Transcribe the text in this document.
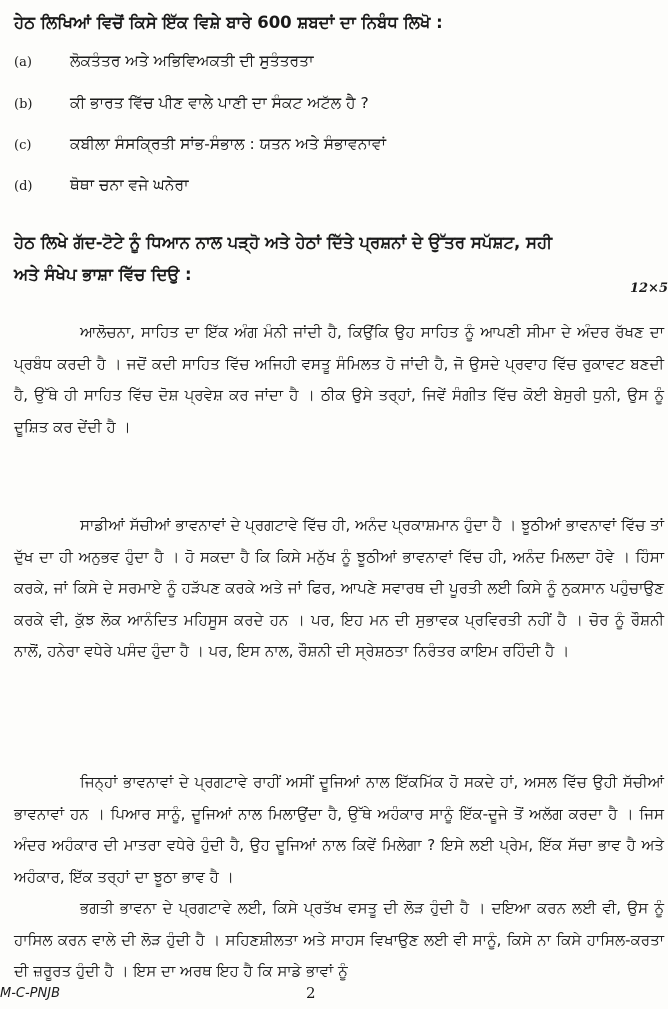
ਹੇਠ ਲਿਖਿਆਂ ਵਿਚੋਂ ਕਿਸੇ ਇੱਕ ਵਿਸ਼ੇ ਬਾਰੇ 600 ਸ਼ਬਦਾਂ ਦਾ ਨਿਬੰਧ ਲਿਖੋ :
(a) ਲੋਕਤੰਤਰ ਅਤੇ ਅਭਿਵਿਅਕਤੀ ਦੀ ਸੁਤੰਤਰਤਾ
(b) ਕੀ ਭਾਰਤ ਵਿੱਚ ਪੀਣ ਵਾਲੇ ਪਾਣੀ ਦਾ ਸੰਕਟ ਅਟੱਲ ਹੈ ?
(c) ਕਬੀਲਾ ਸੰਸਕ੍ਰਿਤੀ ਸਾਂਭ-ਸੰਭਾਲ : ਯਤਨ ਅਤੇ ਸੰਭਾਵਨਾਵਾਂ
(d) ਥੋਥਾ ਚਨਾ ਵਜੇ ਘਨੇਰਾ
ਹੇਠ ਲਿਖੇ ਗੱਦ-ਟੋਟੇ ਨੂੰ ਧਿਆਨ ਨਾਲ ਪੜ੍ਹੋ ਅਤੇ ਹੇਠਾਂ ਦਿੱਤੇ ਪ੍ਰਸ਼ਨਾਂ ਦੇ ਉੱਤਰ ਸਪੱਸ਼ਟ, ਸਹੀ
ਅਤੇ ਸੰਖੇਪ ਭਾਸ਼ਾ ਵਿੱਚ ਦਿਉ :
12×5

ਆਲੋਚਨਾ, ਸਾਹਿਤ ਦਾ ਇੱਕ ਅੰਗ ਮੰਨੀ ਜਾਂਦੀ ਹੈ, ਕਿਉਂਕਿ ਉਹ ਸਾਹਿਤ ਨੂੰ ਆਪਣੀ ਸੀਮਾ ਦੇ ਅੰਦਰ ਰੱਖਣ ਦਾ ਪ੍ਰਬੰਧ ਕਰਦੀ ਹੈ । ਜਦੋਂ ਕਦੀ ਸਾਹਿਤ ਵਿੱਚ ਅਜਿਹੀ ਵਸਤੂ ਸੰਮਿਲਤ ਹੋ ਜਾਂਦੀ ਹੈ, ਜੋ ਉਸਦੇ ਪ੍ਰਵਾਹ ਵਿੱਚ ਰੁਕਾਵਟ ਬਣਦੀ ਹੈ, ਉੱਥੇ ਹੀ ਸਾਹਿਤ ਵਿੱਚ ਦੋਸ਼ ਪ੍ਰਵੇਸ਼ ਕਰ ਜਾਂਦਾ ਹੈ । ਠੀਕ ਉਸੇ ਤਰ੍ਹਾਂ, ਜਿਵੇਂ ਸੰਗੀਤ ਵਿੱਚ ਕੋਈ ਬੇਸੁਰੀ ਧੁਨੀ, ਉਸ ਨੂੰ ਦੂਸ਼ਿਤ ਕਰ ਦੇਂਦੀ ਹੈ ।

ਸਾਡੀਆਂ ਸੱਚੀਆਂ ਭਾਵਨਾਵਾਂ ਦੇ ਪ੍ਰਗਟਾਵੇ ਵਿੱਚ ਹੀ, ਅਨੰਦ ਪ੍ਰਕਾਸ਼ਮਾਨ ਹੁੰਦਾ ਹੈ । ਝੂਠੀਆਂ ਭਾਵਨਾਵਾਂ ਵਿੱਚ ਤਾਂ ਦੁੱਖ ਦਾ ਹੀ ਅਨੁਭਵ ਹੁੰਦਾ ਹੈ । ਹੋ ਸਕਦਾ ਹੈ ਕਿ ਕਿਸੇ ਮਨੁੱਖ ਨੂੰ ਝੂਠੀਆਂ ਭਾਵਨਾਵਾਂ ਵਿੱਚ ਹੀ, ਅਨੰਦ ਮਿਲਦਾ ਹੋਵੇ । ਹਿੰਸਾ ਕਰਕੇ, ਜਾਂ ਕਿਸੇ ਦੇ ਸਰਮਾਏ ਨੂੰ ਹੜੱਪਣ ਕਰਕੇ ਅਤੇ ਜਾਂ ਫਿਰ, ਆਪਣੇ ਸਵਾਰਥ ਦੀ ਪੂਰਤੀ ਲਈ ਕਿਸੇ ਨੂੰ ਨੁਕਸਾਨ ਪਹੁੰਚਾਉਣ ਕਰਕੇ ਵੀ, ਕੁੱਝ ਲੋਕ ਆਨੰਦਿਤ ਮਹਿਸੂਸ ਕਰਦੇ ਹਨ । ਪਰ, ਇਹ ਮਨ ਦੀ ਸੁਭਾਵਕ ਪ੍ਰਵਿਰਤੀ ਨਹੀਂ ਹੈ । ਚੋਰ ਨੂੰ ਰੌਸ਼ਨੀ ਨਾਲੋਂ, ਹਨੇਰਾ ਵਧੇਰੇ ਪਸੰਦ ਹੁੰਦਾ ਹੈ । ਪਰ, ਇਸ ਨਾਲ, ਰੌਸ਼ਨੀ ਦੀ ਸ੍ਰੇਸ਼ਠਤਾ ਨਿਰੰਤਰ ਕਾਇਮ ਰਹਿੰਦੀ ਹੈ ।

ਜਿਨ੍ਹਾਂ ਭਾਵਨਾਵਾਂ ਦੇ ਪ੍ਰਗਟਾਵੇ ਰਾਹੀਂ ਅਸੀਂ ਦੂਜਿਆਂ ਨਾਲ ਇੱਕਮਿੱਕ ਹੋ ਸਕਦੇ ਹਾਂ, ਅਸਲ ਵਿੱਚ ਉਹੀ ਸੱਚੀਆਂ ਭਾਵਨਾਵਾਂ ਹਨ । ਪਿਆਰ ਸਾਨੂੰ, ਦੂਜਿਆਂ ਨਾਲ ਮਿਲਾਉਂਦਾ ਹੈ, ਉੱਥੇ ਅਹੰਕਾਰ ਸਾਨੂੰ ਇੱਕ-ਦੂਜੇ ਤੋਂ ਅਲੱਗ ਕਰਦਾ ਹੈ । ਜਿਸ ਅੰਦਰ ਅਹੰਕਾਰ ਦੀ ਮਾਤਰਾ ਵਧੇਰੇ ਹੁੰਦੀ ਹੈ, ਉਹ ਦੂਜਿਆਂ ਨਾਲ ਕਿਵੇਂ ਮਿਲੇਗਾ ? ਇਸੇ ਲਈ ਪ੍ਰੇਮ, ਇੱਕ ਸੱਚਾ ਭਾਵ ਹੈ ਅਤੇ ਅਹੰਕਾਰ, ਇੱਕ ਤਰ੍ਹਾਂ ਦਾ ਝੂਠਾ ਭਾਵ ਹੈ ।

ਭਗਤੀ ਭਾਵਨਾ ਦੇ ਪ੍ਰਗਟਾਵੇ ਲਈ, ਕਿਸੇ ਪ੍ਰਤੱਖ ਵਸਤੂ ਦੀ ਲੋੜ ਹੁੰਦੀ ਹੈ । ਦਇਆ ਕਰਨ ਲਈ ਵੀ, ਉਸ ਨੂੰ ਹਾਸਿਲ ਕਰਨ ਵਾਲੇ ਦੀ ਲੋੜ ਹੁੰਦੀ ਹੈ । ਸਹਿਣਸ਼ੀਲਤਾ ਅਤੇ ਸਾਹਸ ਵਿਖਾਉਣ ਲਈ ਵੀ ਸਾਨੂੰ, ਕਿਸੇ ਨਾ ਕਿਸੇ ਹਾਸਿਲ-ਕਰਤਾ ਦੀ ਜ਼ਰੂਰਤ ਹੁੰਦੀ ਹੈ । ਇਸ ਦਾ ਅਰਥ ਇਹ ਹੈ ਕਿ ਸਾਡੇ ਭਾਵਾਂ ਨੂੰ

M-C-PNJB	2
